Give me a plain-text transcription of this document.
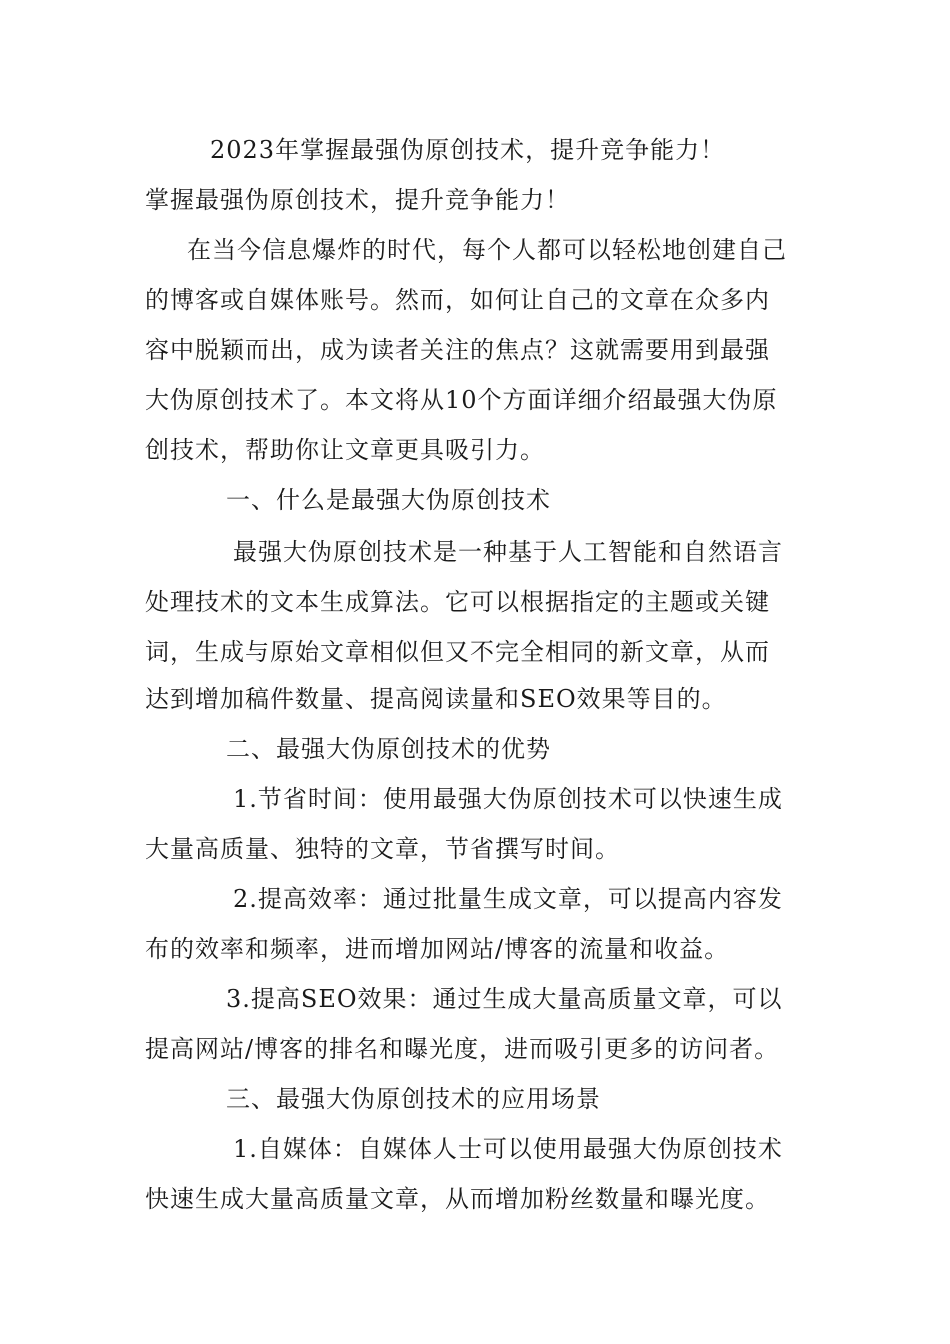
2023年掌握最强伪原创技术，提升竞争能力！
掌握最强伪原创技术，提升竞争能力！
在当今信息爆炸的时代，每个人都可以轻松地创建自己
的博客或自媒体账号。然而，如何让自己的文章在众多内
容中脱颖而出，成为读者关注的焦点？这就需要用到最强
大伪原创技术了。本文将从10个方面详细介绍最强大伪原
创技术，帮助你让文章更具吸引力。
一、什么是最强大伪原创技术
最强大伪原创技术是一种基于人工智能和自然语言
处理技术的文本生成算法。它可以根据指定的主题或关键
词，生成与原始文章相似但又不完全相同的新文章，从而
达到增加稿件数量、提高阅读量和SEO效果等目的。
二、最强大伪原创技术的优势
1.节省时间：使用最强大伪原创技术可以快速生成
大量高质量、独特的文章，节省撰写时间。
2.提高效率：通过批量生成文章，可以提高内容发
布的效率和频率，进而增加网站/博客的流量和收益。
3.提高SEO效果：通过生成大量高质量文章，可以
提高网站/博客的排名和曝光度，进而吸引更多的访问者。
三、最强大伪原创技术的应用场景
1.自媒体：自媒体人士可以使用最强大伪原创技术
快速生成大量高质量文章，从而增加粉丝数量和曝光度。
